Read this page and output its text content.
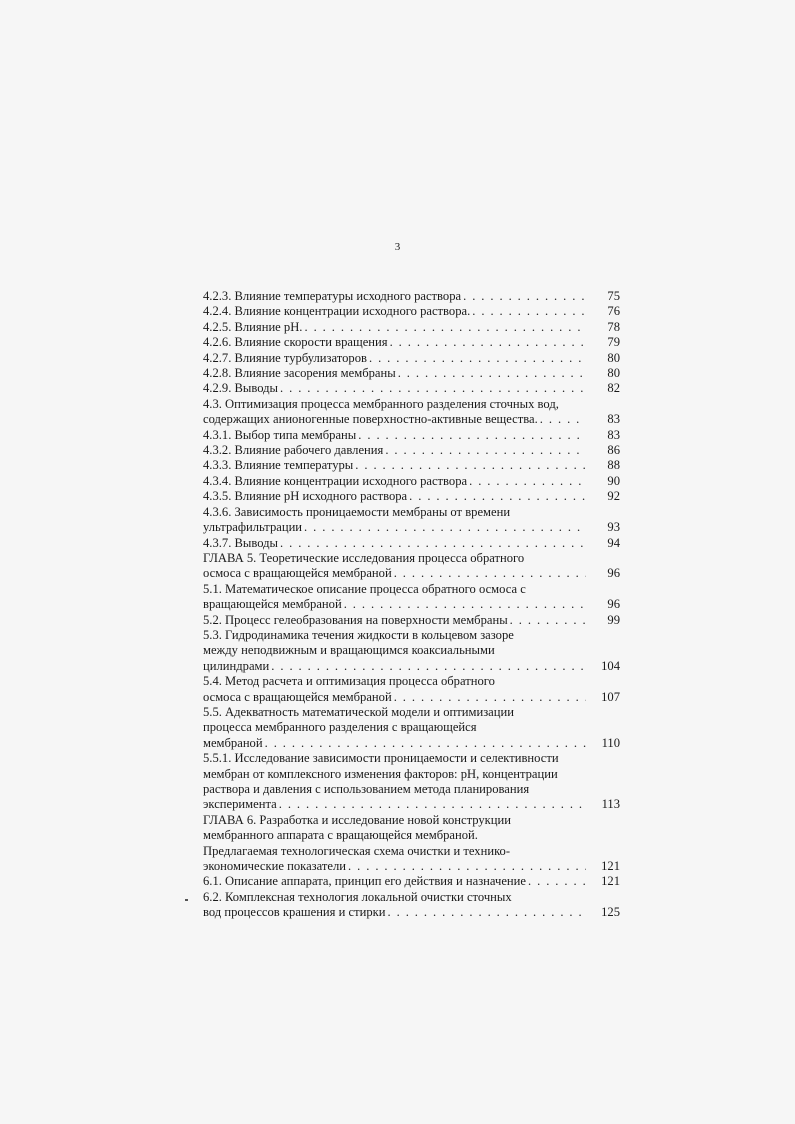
3
4.2.3. Влияние температуры исходного раствора . . .	75
4.2.4. Влияние концентрации исходного раствора. . . .	76
4.2.5. Влияние pH. . . .	78
4.2.6. Влияние скорости вращения . . .	79
4.2.7. Влияние турбулизаторов . . .	80
4.2.8. Влияние засорения мембраны . . .	80
4.2.9. Выводы . . .	82
4.3. Оптимизация процесса мембранного разделения сточных вод,
содержащих анионогенные поверхностно-активные вещества. . . .	83
4.3.1. Выбор типа мембраны . . .	83
4.3.2. Влияние рабочего давления . . .	86
4.3.3. Влияние температуры . . .	88
4.3.4. Влияние концентрации исходного раствора . . .	90
4.3.5. Влияние pH исходного раствора . . .	92
4.3.6. Зависимость проницаемости мембраны от времени
ультрафильтрации . . .	93
4.3.7. Выводы . . .	94
ГЛАВА 5. Теоретические исследования процесса обратного
осмоса с вращающейся мембраной . . .	96
5.1. Математическое описание процесса обратного осмоса с
вращающейся мембраной . . .	96
5.2. Процесс гелеобразования на поверхности мембраны . . .	99
5.3. Гидродинамика течения жидкости в кольцевом зазоре
между неподвижным и вращающимся коаксиальными
цилиндрами . . .	104
5.4. Метод расчета и оптимизация процесса обратного
осмоса с вращающейся мембраной . . .	107
5.5. Адекватность математической модели и оптимизации
процесса мембранного разделения с вращающейся
мембраной . . .	110
5.5.1. Исследование зависимости проницаемости и селективности
мембран от комплексного изменения факторов: pH, концентрации
раствора и давления с использованием метода планирования
эксперимента . . .	113
ГЛАВА 6. Разработка и исследование новой конструкции
мембранного аппарата с вращающейся мембраной.
Предлагаемая технологическая схема очистки и технико-
экономические показатели . . .	121
6.1. Описание аппарата, принцип его действия и назначение . . .	121
6.2. Комплексная технология локальной очистки сточных
вод процессов крашения и стирки . . .	125
